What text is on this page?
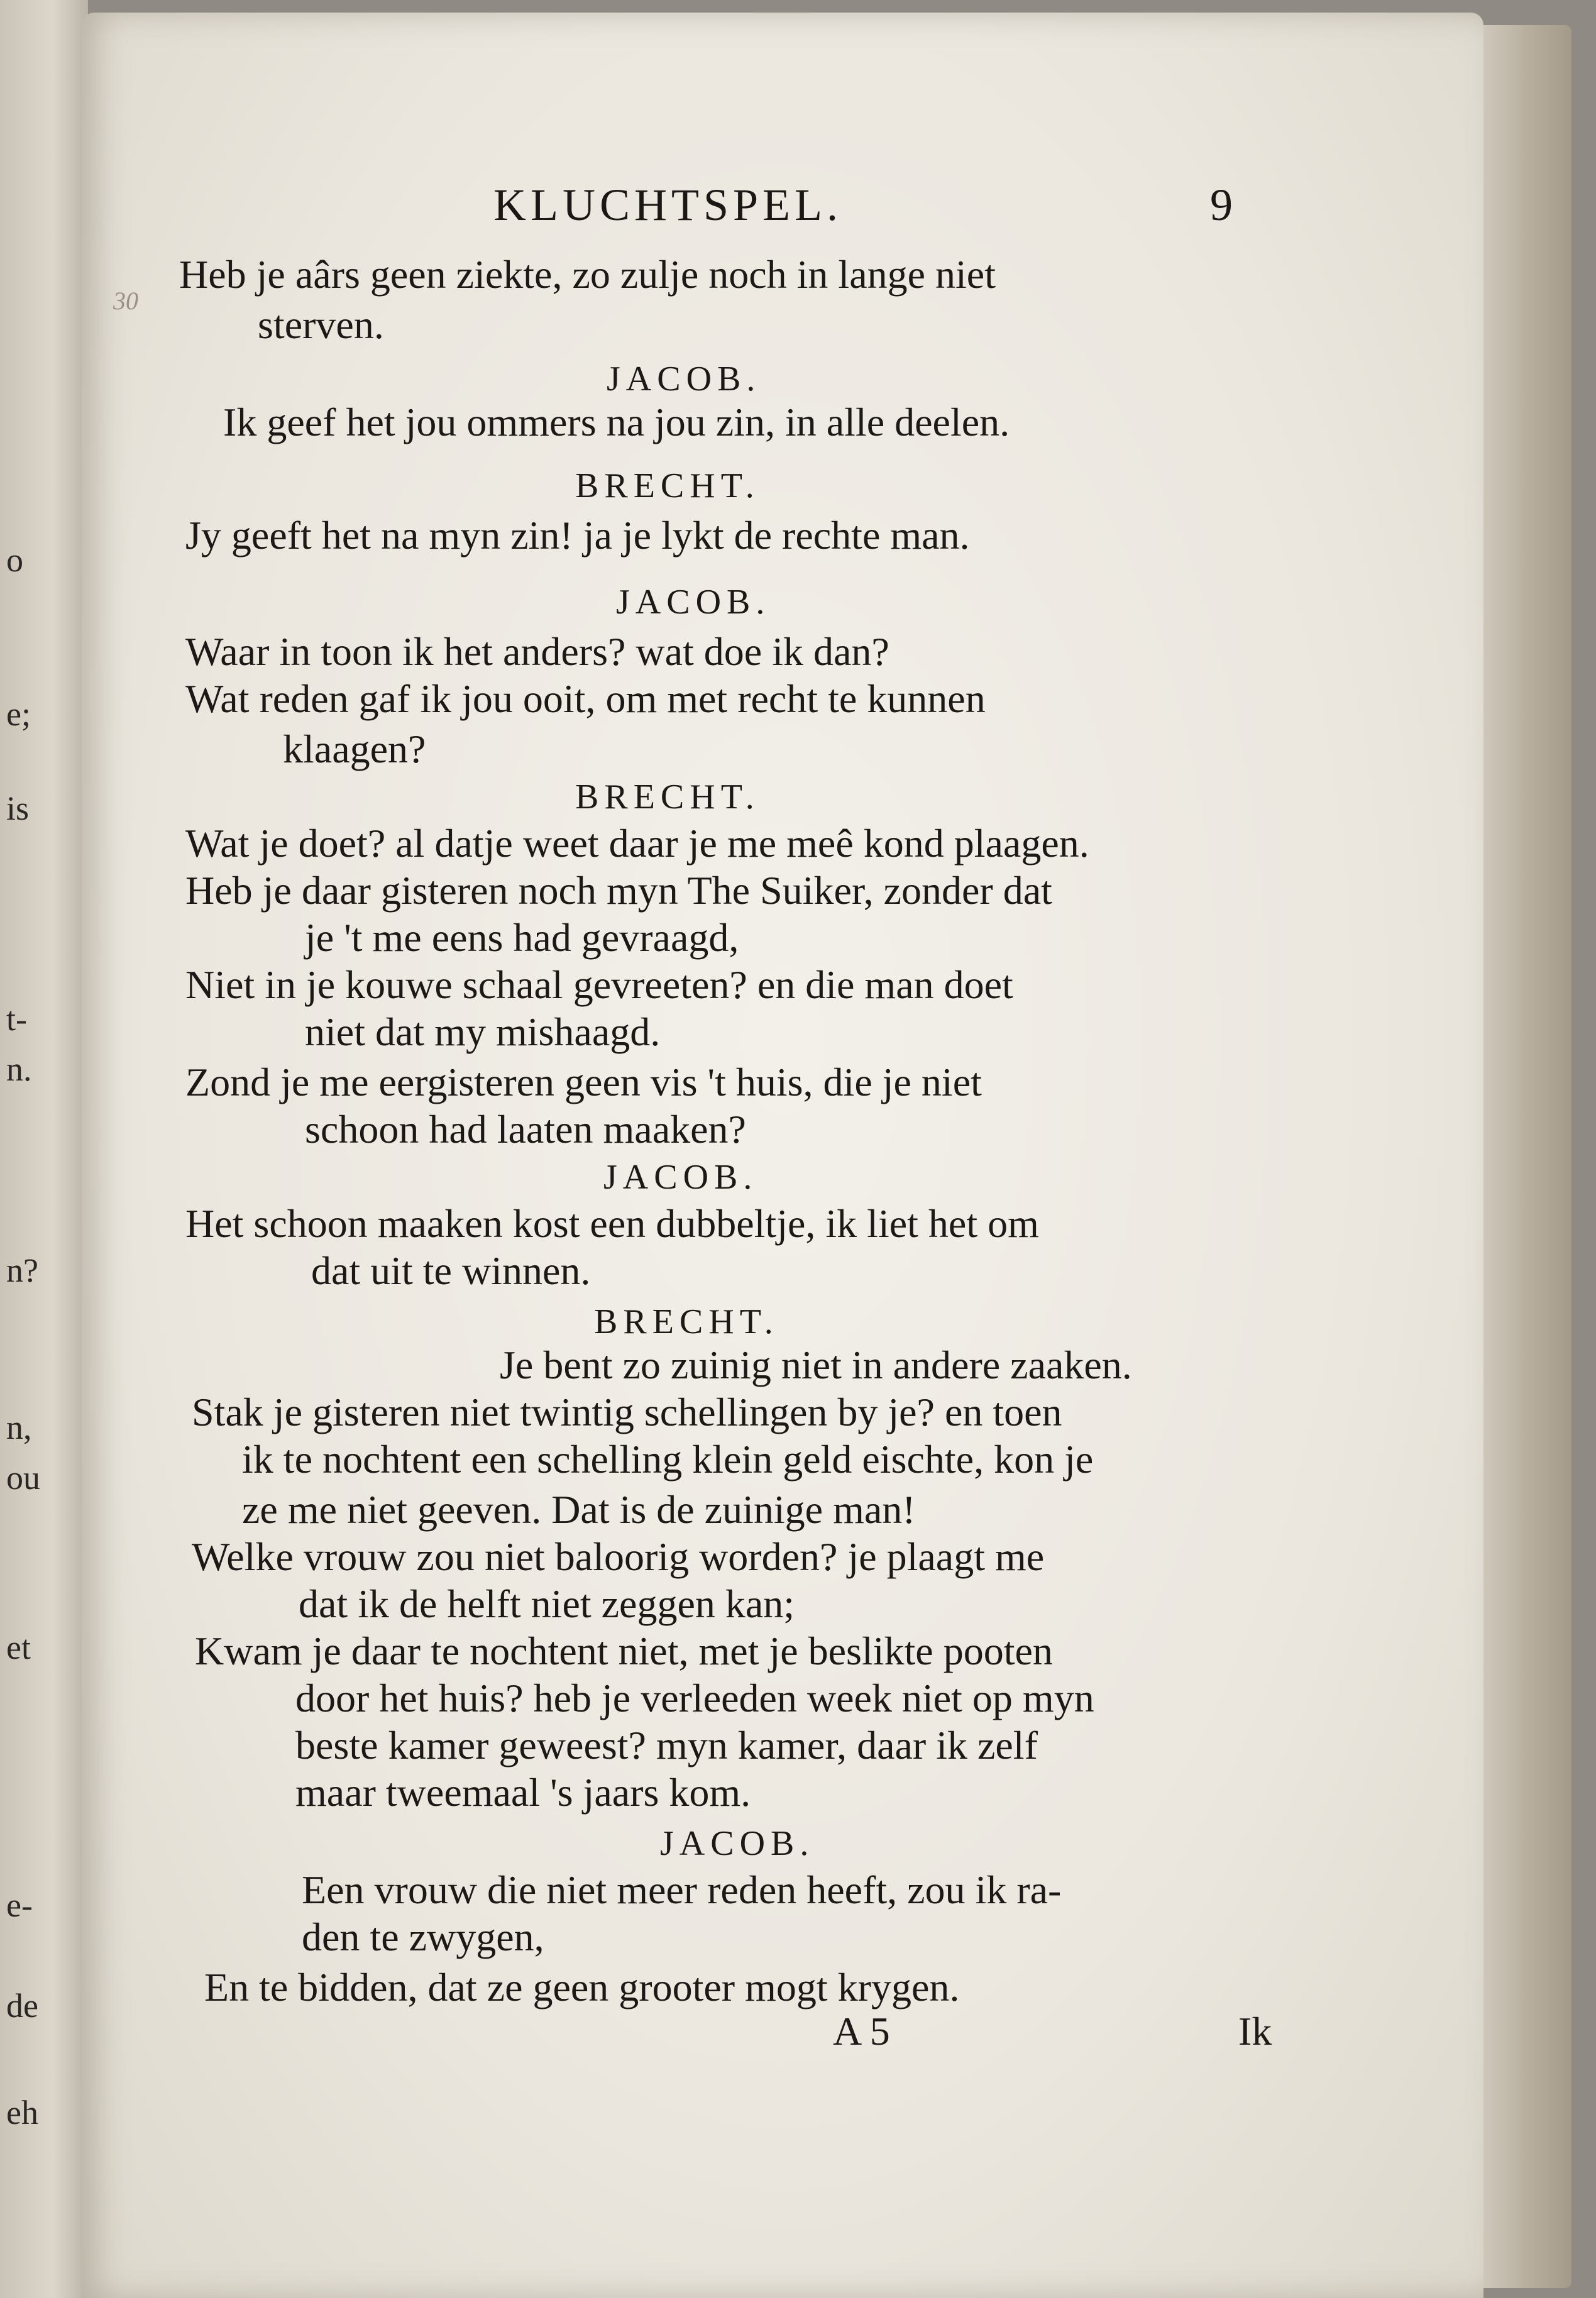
o
e;
is
t-
n.
n?
n,
ou
et
e-
de
eh
KLUCHTSPEL.	9
30
Heb je aârs geen ziekte, zo zulje noch in lange niet
sterven.
JACOB.
Ik geef het jou ommers na jou zin, in alle deelen.
BRECHT.
Jy geeft het na myn zin! ja je lykt de rechte man.
JACOB.
Waar in toon ik het anders? wat doe ik dan?
Wat reden gaf ik jou ooit, om met recht te kunnen
klaagen?
BRECHT.
Wat je doet? al datje weet daar je me meê kond plaagen.
Heb je daar gisteren noch myn The Suiker, zonder dat
je 't me eens had gevraagd,
Niet in je kouwe schaal gevreeten? en die man doet
niet dat my mishaagd.
Zond je me eergisteren geen vis 't huis, die je niet
schoon had laaten maaken?
JACOB.
Het schoon maaken kost een dubbeltje, ik liet het om
dat uit te winnen.
BRECHT.
Je bent zo zuinig niet in andere zaaken.
Stak je gisteren niet twintig schellingen by je? en toen
ik te nochtent een schelling klein geld eischte, kon je
ze me niet geeven. Dat is de zuinige man!
Welke vrouw zou niet baloorig worden? je plaagt me
dat ik de helft niet zeggen kan;
Kwam je daar te nochtent niet, met je beslikte pooten
door het huis? heb je verleeden week niet op myn
beste kamer geweest? myn kamer, daar ik zelf
maar tweemaal 's jaars kom.
JACOB.
Een vrouw die niet meer reden heeft, zou ik ra-
den te zwygen,
En te bidden, dat ze geen grooter mogt krygen.
A 5	Ik
